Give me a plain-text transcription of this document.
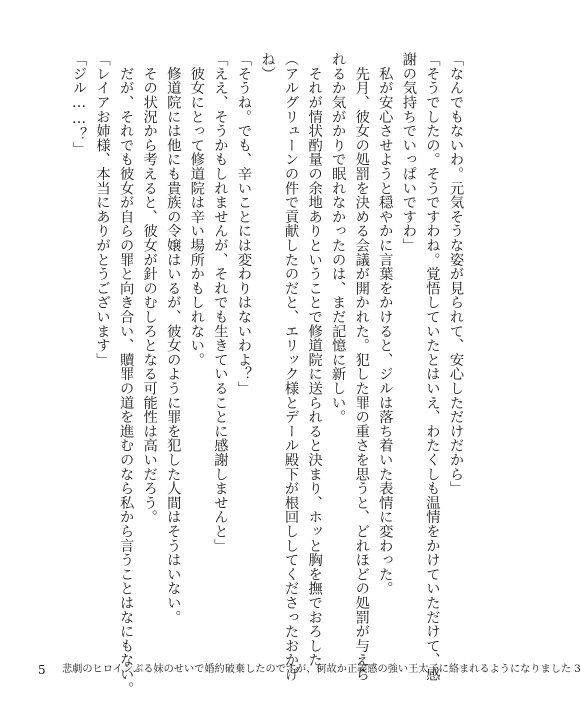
「なんでもないわ。元気そうな姿が見られて、安心しただけだから」
「そうでしたの。そうですわね。覚悟していたとはいえ、わたくしも温情をかけていただけて、感
謝の気持ちでいっぱいですわ」
　私が安心させようと穏やかに言葉をかけると、ジルは落ち着いた表情に変わった。
　先月、彼女の処罰を決める会議が開かれた。犯した罪の重さを思うと、どれほどの処罰が与えら
れるか気がかりで眠れなかったのは、まだ記憶に新しい。
　それが情状酌量の余地ありということで修道院に送られると決まり、ホッと胸を撫でおろした。
（アルグリューンの件で貢献したのだと、エリック様とデール殿下が根回ししてくださったおかげ
ね）
「そうね。でも、辛いことには変わりはないわよ？」
「ええ、そうかもしれませんが、それでも生きていることに感謝しませんと」
　彼女にとって修道院は辛い場所かもしれない。
　修道院には他にも貴族の令嬢はいるが、彼女のように罪を犯した人間はそうはいない。
　その状況から考えると、彼女が針のむしろとなる可能性は高いだろう。
　だが、それでも彼女が自らの罪と向き合い、贖罪の道を進むのなら私から言うことはなにもない。
「レイアお姉様、本当にありがとうございます」
「ジル……？」
5 悲劇のヒロインぶる妹のせいで婚約破棄したのですが、何故か正義感の強い王太子に絡まれるようになりました 3
